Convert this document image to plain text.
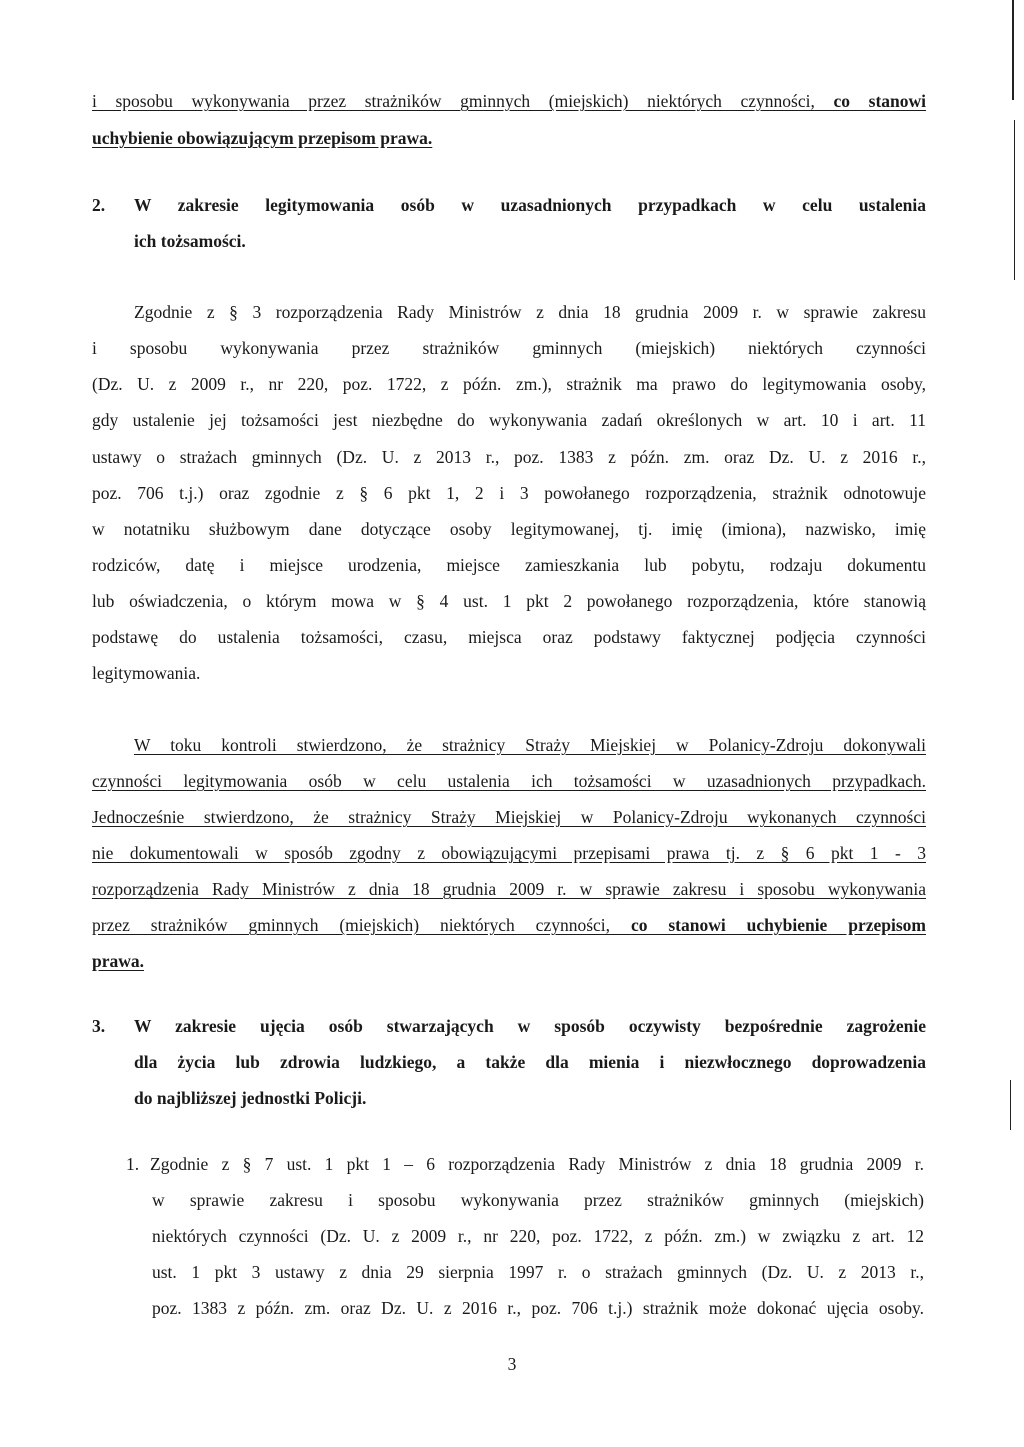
i sposobu wykonywania przez strażników gminnych (miejskich) niektórych czynności, co stanowi
uchybienie obowiązującym przepisom prawa.
2. W zakresie legitymowania osób w uzasadnionych przypadkach w celu ustalenia
ich tożsamości.
Zgodnie z § 3 rozporządzenia Rady Ministrów z dnia 18 grudnia 2009 r. w sprawie zakresu
i sposobu wykonywania przez strażników gminnych (miejskich) niektórych czynności
(Dz. U. z 2009 r., nr 220, poz. 1722, z późn. zm.), strażnik ma prawo do legitymowania osoby,
gdy ustalenie jej tożsamości jest niezbędne do wykonywania zadań określonych w art. 10 i art. 11
ustawy o strażach gminnych (Dz. U. z 2013 r., poz. 1383 z późn. zm. oraz Dz. U. z 2016 r.,
poz. 706 t.j.) oraz zgodnie z § 6 pkt 1, 2 i 3 powołanego rozporządzenia, strażnik odnotowuje
w notatniku służbowym dane dotyczące osoby legitymowanej, tj. imię (imiona), nazwisko, imię
rodziców, datę i miejsce urodzenia, miejsce zamieszkania lub pobytu, rodzaju dokumentu
lub oświadczenia, o którym mowa w § 4 ust. 1 pkt 2 powołanego rozporządzenia, które stanowią
podstawę do ustalenia tożsamości, czasu, miejsca oraz podstawy faktycznej podjęcia czynności
legitymowania.
W toku kontroli stwierdzono, że strażnicy Straży Miejskiej w Polanicy-Zdroju dokonywali
czynności legitymowania osób w celu ustalenia ich tożsamości w uzasadnionych przypadkach.
Jednocześnie stwierdzono, że strażnicy Straży Miejskiej w Polanicy-Zdroju wykonanych czynności
nie dokumentowali w sposób zgodny z obowiązującymi przepisami prawa tj. z § 6 pkt 1 - 3
rozporządzenia Rady Ministrów z dnia 18 grudnia 2009 r. w sprawie zakresu i sposobu wykonywania
przez strażników gminnych (miejskich) niektórych czynności, co stanowi uchybienie przepisom
prawa.
3. W zakresie ujęcia osób stwarzających w sposób oczywisty bezpośrednie zagrożenie
dla życia lub zdrowia ludzkiego, a także dla mienia i niezwłocznego doprowadzenia
do najbliższej jednostki Policji.
1. Zgodnie z § 7 ust. 1 pkt 1 – 6 rozporządzenia Rady Ministrów z dnia 18 grudnia 2009 r.
w sprawie zakresu i sposobu wykonywania przez strażników gminnych (miejskich)
niektórych czynności (Dz. U. z 2009 r., nr 220, poz. 1722, z późn. zm.) w związku z art. 12
ust. 1 pkt 3 ustawy z dnia 29 sierpnia 1997 r. o strażach gminnych (Dz. U. z 2013 r.,
poz. 1383 z późn. zm. oraz Dz. U. z 2016 r., poz. 706 t.j.) strażnik może dokonać ujęcia osoby.
3
